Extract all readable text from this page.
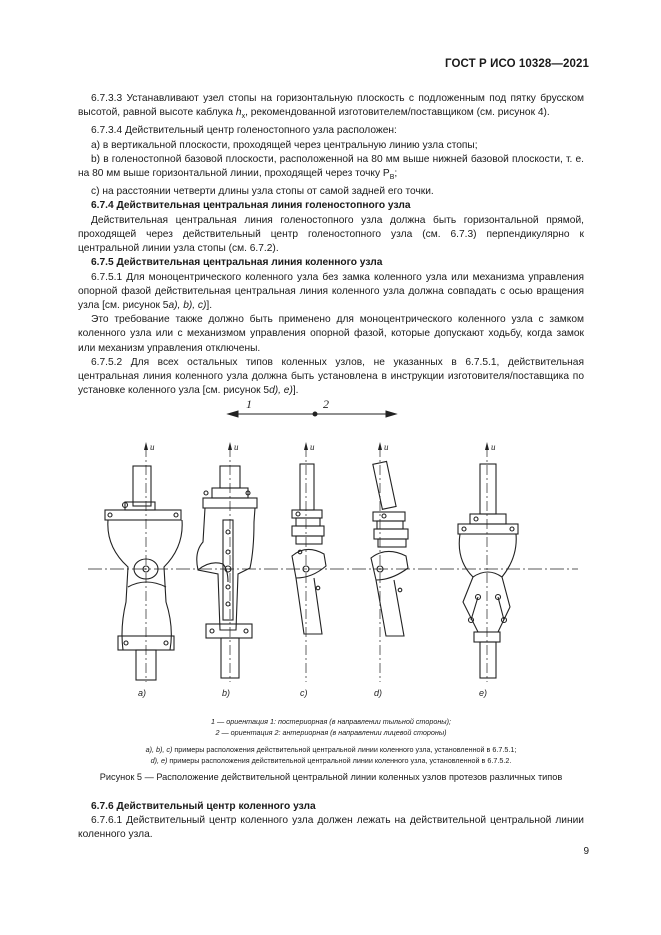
ГОСТ Р ИСО 10328—2021

6.7.3.3 Устанавливают узел стопы на горизонтальную плоскость с подложенным под пятку брусском высотой, равной высоте каблука $h_x$, рекомендованной изготовителем/поставщиком (см. рисунок 4).

6.7.3.4 Действительный центр голеностопного узла расположен:

а) в вертикальной плоскости, проходящей через центральную линию узла стопы;

b) в голеностопной базовой плоскости, расположенной на 80 мм выше нижней базовой плоскости, т. е. на 80 мм выше горизонтальной линии, проходящей через точку $P_B$;

с) на расстоянии четверти длины узла стопы от самой задней его точки.

6.7.4 Действительная центральная линия голеностопного узла

Действительная центральная линия голеностопного узла должна быть горизонтальной прямой, проходящей через действительный центр голеностопного узла (см. 6.7.3) перпендикулярно к центральной линии узла стопы (см. 6.7.2).

6.7.5 Действительная центральная линия коленного узла

6.7.5.1 Для моноцентрического коленного узла без замка коленного узла или механизма управления опорной фазой действительная центральная линия коленного узла должна совпадать с осью вращения узла [см. рисунок 5а), b), с)].

Это требование также должно быть применено для моноцентрического коленного узла с замком коленного узла или с механизмом управления опорной фазой, которые допускают ходьбу, когда замок или механизм управления отключены.

6.7.5.2 Для всех остальных типов коленных узлов, не указанных в 6.7.5.1, действительная центральная линия коленного узла должна быть установлена в инструкции изготовителя/поставщика по установке коленного узла [см. рисунок 5d), е)].

1	2
u	u	u	u	u
a)	b)	c)	d)	e)
1 — ориентация 1: постериорная (в направлении тыльной стороны);
2 — ориентация 2: антериорная (в направлении лицевой стороны)
a), b), c) примеры расположения действительной центральной линии коленного узла, установленной в 6.7.5.1;
d), e) примеры расположения действительной центральной линии коленного узла, установленной в 6.7.5.2.
Рисунок 5 — Расположение действительной центральной линии коленных узлов протезов различных типов

6.7.6 Действительный центр коленного узла

6.7.6.1 Действительный центр коленного узла должен лежать на действительной центральной линии коленного узла.

9
